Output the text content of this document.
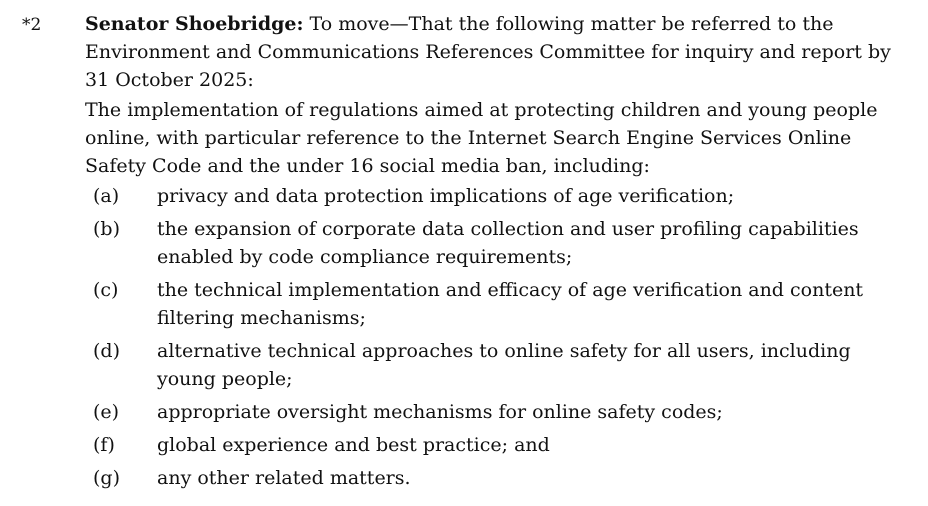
*2 Senator Shoebridge: To move—That the following matter be referred to the Environment and Communications References Committee for inquiry and report by 31 October 2025:

The implementation of regulations aimed at protecting children and young people online, with particular reference to the Internet Search Engine Services Online Safety Code and the under 16 social media ban, including:

(a)	privacy and data protection implications of age verification;
(b)	the expansion of corporate data collection and user profiling capabilities enabled by code compliance requirements;
(c)	the technical implementation and efficacy of age verification and content filtering mechanisms;
(d)	alternative technical approaches to online safety for all users, including young people;
(e)	appropriate oversight mechanisms for online safety codes;
(f)	global experience and best practice; and
(g)	any other related matters.
